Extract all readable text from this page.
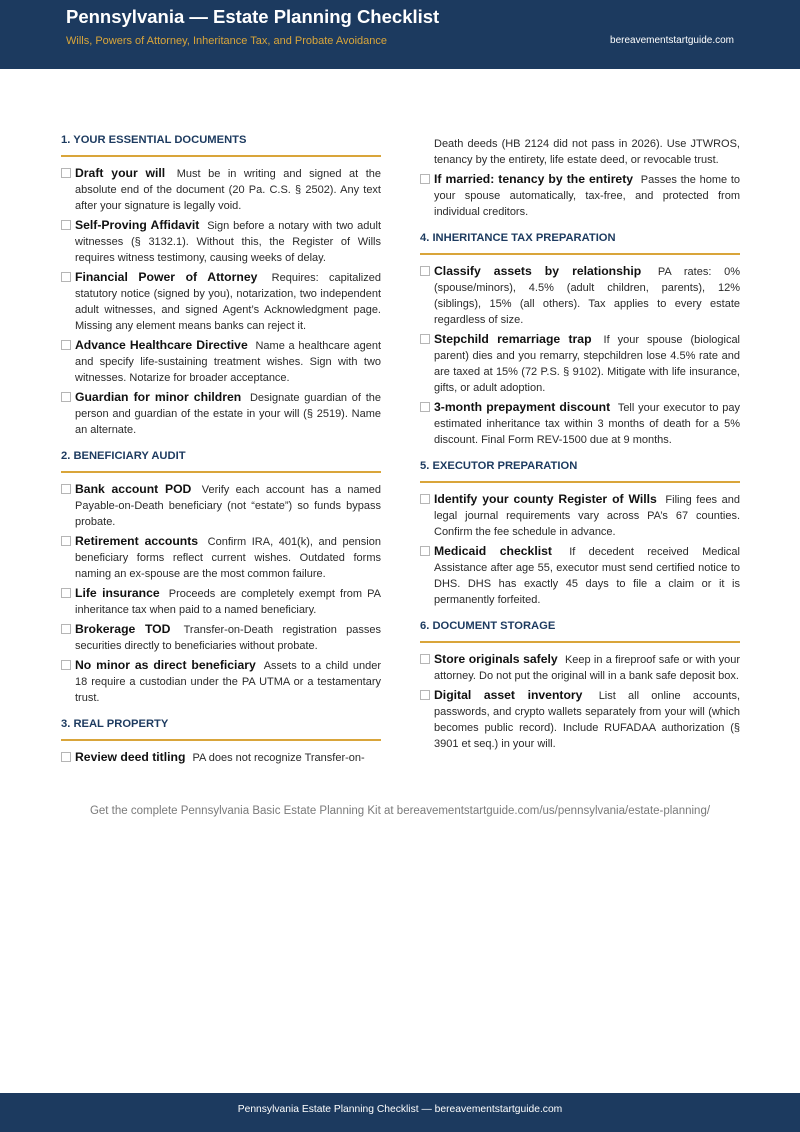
Pennsylvania — Estate Planning Checklist
Wills, Powers of Attorney, Inheritance Tax, and Probate Avoidance	bereavementstartguide.com
1. YOUR ESSENTIAL DOCUMENTS
Draft your will Must be in writing and signed at the absolute end of the document (20 Pa. C.S. § 2502). Any text after your signature is legally void.
Self-Proving Affidavit Sign before a notary with two adult witnesses (§ 3132.1). Without this, the Register of Wills requires witness testimony, causing weeks of delay.
Financial Power of Attorney Requires: capitalized statutory notice (signed by you), notarization, two independent adult witnesses, and signed Agent’s Acknowledgment page. Missing any element means banks can reject it.
Advance Healthcare Directive Name a healthcare agent and specify life-sustaining treatment wishes. Sign with two witnesses. Notarize for broader acceptance.
Guardian for minor children Designate guardian of the person and guardian of the estate in your will (§ 2519). Name an alternate.
2. BENEFICIARY AUDIT
Bank account POD Verify each account has a named Payable-on-Death beneficiary (not “estate”) so funds bypass probate.
Retirement accounts Confirm IRA, 401(k), and pension beneficiary forms reflect current wishes. Outdated forms naming an ex-spouse are the most common failure.
Life insurance Proceeds are completely exempt from PA inheritance tax when paid to a named beneficiary.
Brokerage TOD Transfer-on-Death registration passes securities directly to beneficiaries without probate.
No minor as direct beneficiary Assets to a child under 18 require a custodian under the PA UTMA or a testamentary trust.
3. REAL PROPERTY
Review deed titling PA does not recognize Transfer-on-
Death deeds (HB 2124 did not pass in 2026). Use JTWROS, tenancy by the entirety, life estate deed, or revocable trust.
If married: tenancy by the entirety Passes the home to your spouse automatically, tax-free, and protected from individual creditors.
4. INHERITANCE TAX PREPARATION
Classify assets by relationship PA rates: 0% (spouse/minors), 4.5% (adult children, parents), 12% (siblings), 15% (all others). Tax applies to every estate regardless of size.
Stepchild remarriage trap If your spouse (biological parent) dies and you remarry, stepchildren lose 4.5% rate and are taxed at 15% (72 P.S. § 9102). Mitigate with life insurance, gifts, or adult adoption.
3-month prepayment discount Tell your executor to pay estimated inheritance tax within 3 months of death for a 5% discount. Final Form REV-1500 due at 9 months.
5. EXECUTOR PREPARATION
Identify your county Register of Wills Filing fees and legal journal requirements vary across PA’s 67 counties. Confirm the fee schedule in advance.
Medicaid checklist If decedent received Medical Assistance after age 55, executor must send certified notice to DHS. DHS has exactly 45 days to file a claim or it is permanently forfeited.
6. DOCUMENT STORAGE
Store originals safely Keep in a fireproof safe or with your attorney. Do not put the original will in a bank safe deposit box.
Digital asset inventory List all online accounts, passwords, and crypto wallets separately from your will (which becomes public record). Include RUFADAA authorization (§ 3901 et seq.) in your will.
Get the complete Pennsylvania Basic Estate Planning Kit at bereavementstartguide.com/us/pennsylvania/estate-planning/
Pennsylvania Estate Planning Checklist — bereavementstartguide.com
